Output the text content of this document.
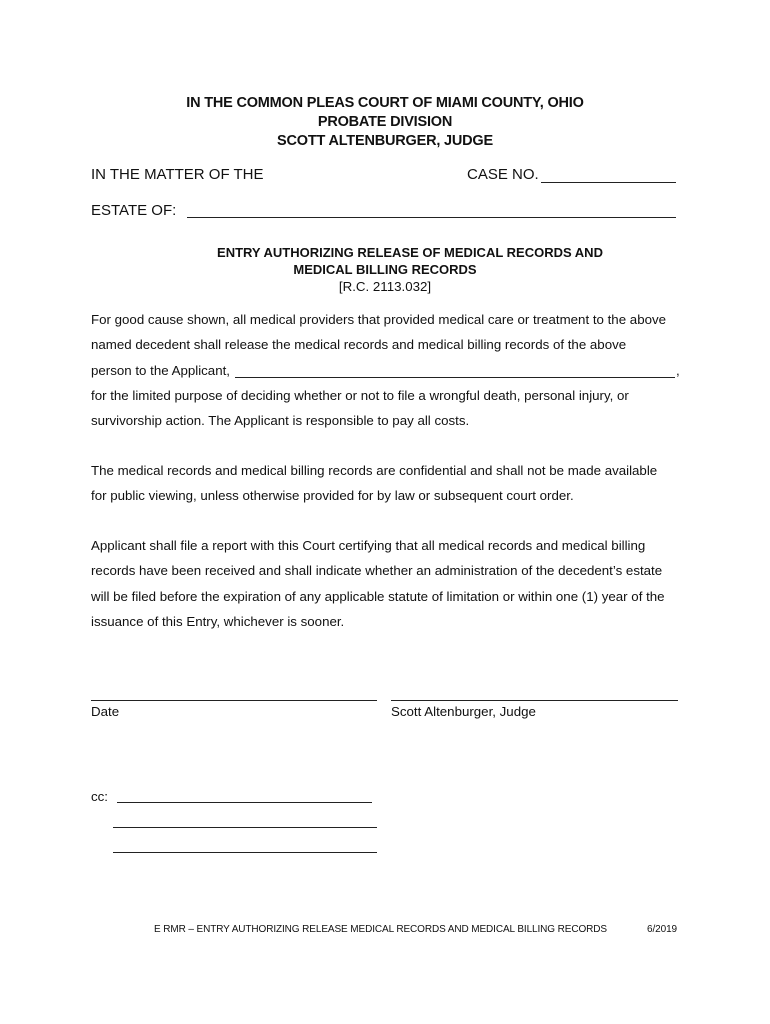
IN THE COMMON PLEAS COURT OF MIAMI COUNTY, OHIO
PROBATE DIVISION
SCOTT ALTENBURGER, JUDGE
IN THE MATTER OF THE	CASE NO.
ESTATE OF:
ENTRY AUTHORIZING RELEASE OF MEDICAL RECORDS AND
MEDICAL BILLING RECORDS
[R.C. 2113.032]
For good cause shown, all medical providers that provided medical care or treatment to the above
named decedent shall release the medical records and medical billing records of the above
person to the Applicant,	,
for the limited purpose of deciding whether or not to file a wrongful death, personal injury, or
survivorship action. The Applicant is responsible to pay all costs.
The medical records and medical billing records are confidential and shall not be made available
for public viewing, unless otherwise provided for by law or subsequent court order.
Applicant shall file a report with this Court certifying that all medical records and medical billing
records have been received and shall indicate whether an administration of the decedent’s estate
will be filed before the expiration of any applicable statute of limitation or within one (1) year of the
issuance of this Entry, whichever is sooner.
Date	Scott Altenburger, Judge
cc:
E RMR – ENTRY AUTHORIZING RELEASE MEDICAL RECORDS AND MEDICAL BILLING RECORDS	6/2019
